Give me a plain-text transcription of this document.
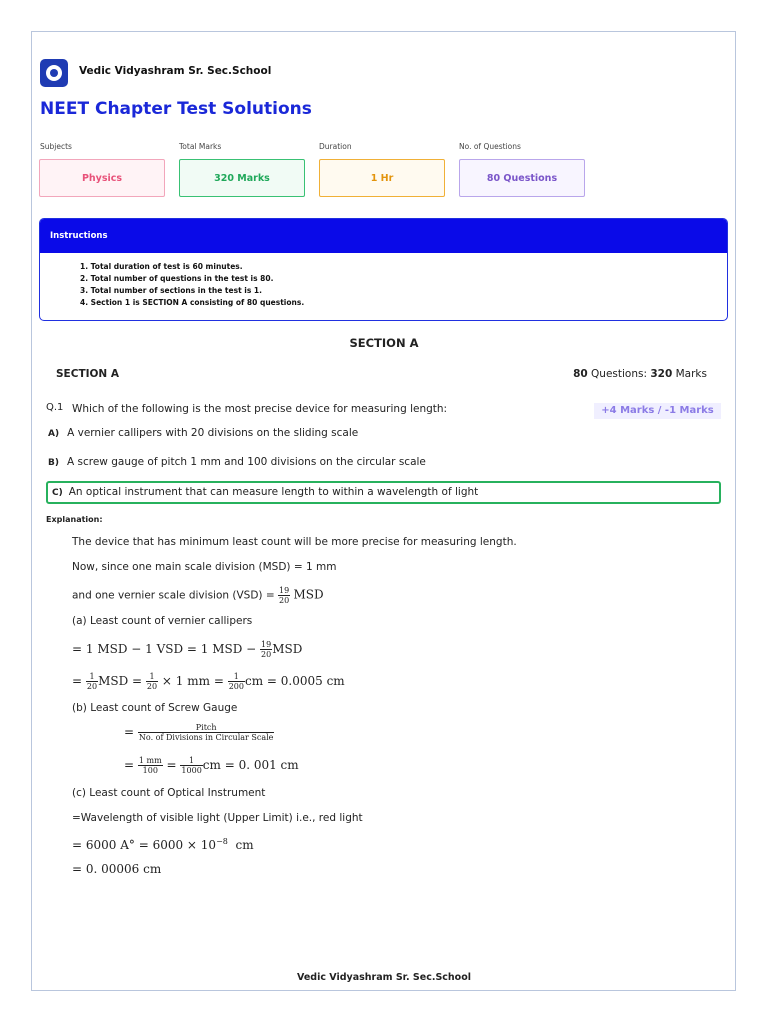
Vedic Vidyashram Sr. Sec.School
NEET Chapter Test Solutions
Subjects	Total Marks	Duration	No. of Questions
Physics	320 Marks	1 Hr	80 Questions
Instructions
1. Total duration of test is 60 minutes.
2. Total number of questions in the test is 80.
3. Total number of sections in the test is 1.
4. Section 1 is SECTION A consisting of 80 questions.
SECTION A
SECTION A	80 Questions: 320 Marks
Q.1 Which of the following is the most precise device for measuring length:	+4 Marks / -1 Marks
A) A vernier callipers with 20 divisions on the sliding scale
B) A screw gauge of pitch 1 mm and 100 divisions on the circular scale
C) An optical instrument that can measure length to within a wavelength of light
Explanation:
The device that has minimum least count will be more precise for measuring length.
Now, since one main scale division (MSD) = 1 mm
and one vernier scale division $(VSD) = \frac{19}{20}$ MSD
(a) Least count of vernier callipers
= 1 MSD − 1 VSD = 1 MSD − $\frac{19}{20}$ MSD
= $\frac{1}{20}$ MSD = $\frac{1}{20} \times 1$ mm = $\frac{1}{200}$ cm = 0.0005 cm
(b) Least count of Screw Gauge
= $\frac{\text{Pitch}}{\text{No. of Divisions in Circular Scale}}$
= $\frac{1 mm}{100} = \frac{1}{1000}$ cm = 0. 001 cm
(c) Least count of Optical Instrument
=Wavelength of visible light (Upper Limit) i.e., red light
= 6000 $A^\circ = 6000 \times 10^{-8}$ cm
= 0. 00006 cm
Vedic Vidyashram Sr. Sec.School
